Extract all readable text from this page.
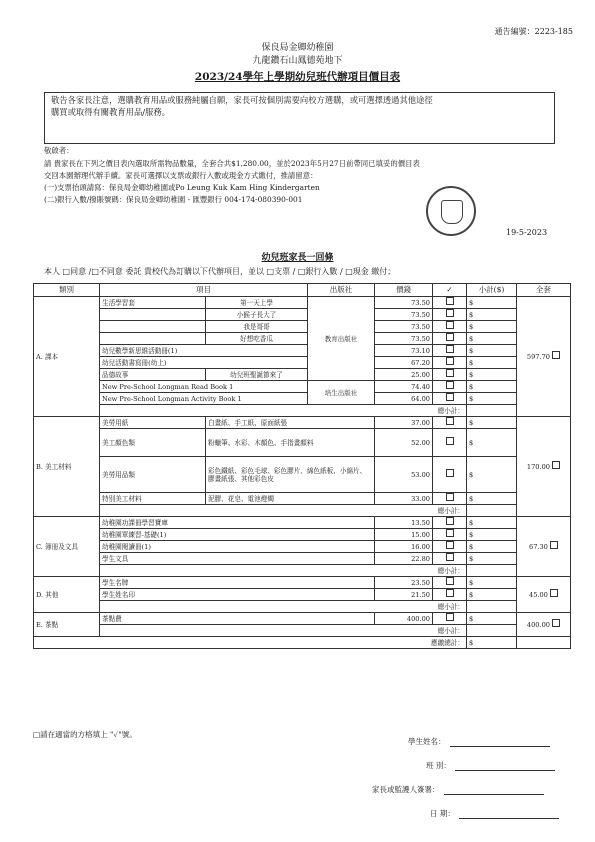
通告編號：2223-185
保良局金卿幼稚園
九龍鑽石山鳳德苑地下
2023/24學年上學期幼兒班代辦項目價目表
敬告各家長注意，選購教育用品或服務純屬自願，家長可按個別需要向校方選購，或可選擇透過其他途徑
購買或取得有關教育用品/服務。
敬啟者：
請 貴家長在下列之價目表內選取所需物品數量，全套合共$1,280.00，並於2023年5月27日前帶同已填妥的價目表
交回本園辦理代辦手續。家長可選擇以支票或銀行入數或現金方式繳付，推請留意：
(一)支票抬頭請寫：保良局金卿幼稚園或Po Leung Kuk Kam Hing Kindergarten
(二)銀行入數/撥賬號碼：保良局金卿幼稚園 - 匯豐銀行 004-174-080390-001
19-5-2023
幼兒班家長一回條
本人 □同意 /□不同意 委託 貴校代為訂購以下代辦項目，並以 □支票 / □銀行入數 / □現金 繳付；
類別	項目		出版社	價錢	✓	小計($)	全套	
A. 課本	生活學習套	第一天上學	教育出版社	73.50		$	597.70	
		小猴子長大了		73.50		$		
		我是哥哥		73.50		$		
		好想吃香瓜		73.50		$		
	幼兒數學新思維活動冊(1)			73.10		$		
	幼兒活動書寫冊(幼上)			67.20		$		
	品德故事	幼兒班聖誕節來了		25.00		$		
	New Pre-School Longman Read Book 1		培生出版社	74.40		$		
	New Pre-School Longman Activity Book 1			64.00		$		
	總小計：		
B. 美工材料	美勞用紙	白畫紙、手工紙、原面紙張		37.00		$	170.00	
	美工顏色類	粉蠟筆、水彩、木顏色、手指畫顏料		52.00		$		
	美勞用品類	彩色鐵紙、彩色毛球、彩色膠片、綿色紙板、小綿片、膠畫紙張、其他彩色皮		53.00		$		
	特別美工材料	泥膠、花皂、電池燈燭		33.00		$		
	總小計：		
C. 簿冊及文具	幼稚園功課冊學習寶庫			13.50		$	67.30	
	幼稚園單練習-基礎(1)			15.00		$		
	幼稚園閱讀冊(1)			16.00		$		
	學生文具			22.80		$		
	總小計：		
D. 其他	學生名牌			23.50		$	45.00	
	學生姓名印			21.50		$		
	總小計：		
E. 茶點	茶點費			400.00		$	400.00	
	總小計：		
應繳總計：						$		
□請在適當的方格填上 "✓"號。
學生姓名：
班 別：
家長或監護人簽署：
日 期：
